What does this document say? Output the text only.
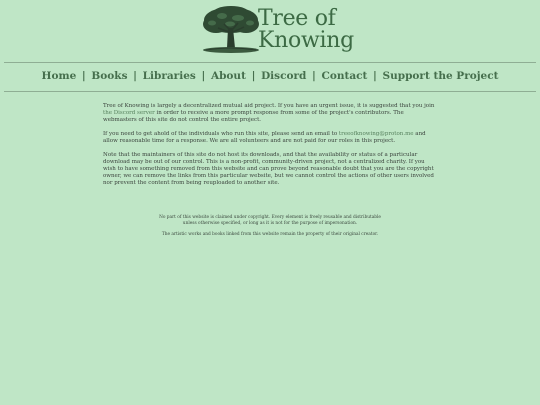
Tree of
Knowing
Home | Books | Libraries | About | Discord | Contact | Support the Project

Tree of Knowing is largely a decentralized mutual aid project. If you have an urgent issue, it is suggested that you join the Discord server in order to receive a more prompt response from some of the project's contributors. The webmasters of this site do not control the entire project.

If you need to get ahold of the individuals who run this site, please send an email to treeofknowing@proton.me and allow reasonable time for a response. We are all volunteers and are not paid for our roles in this project.

Note that the maintainers of this site do not host its downloads, and that the availability or status of a particular download may be out of our control. This is a non-profit, community-driven project, not a centralized charity. If you wish to have something removed from this website and can prove beyond reasonable doubt that you are the copyright owner, we can remove the links from this particular website, but we cannot control the actions of other users involved nor prevent the content from being reuploaded to another site.

No part of this website is claimed under copyright. Every element is freely reusable and distributable
unless otherwise specified, or long as it is not for the purpose of impersonation.

The artistic works and books linked from this website remain the property of their original creator.
